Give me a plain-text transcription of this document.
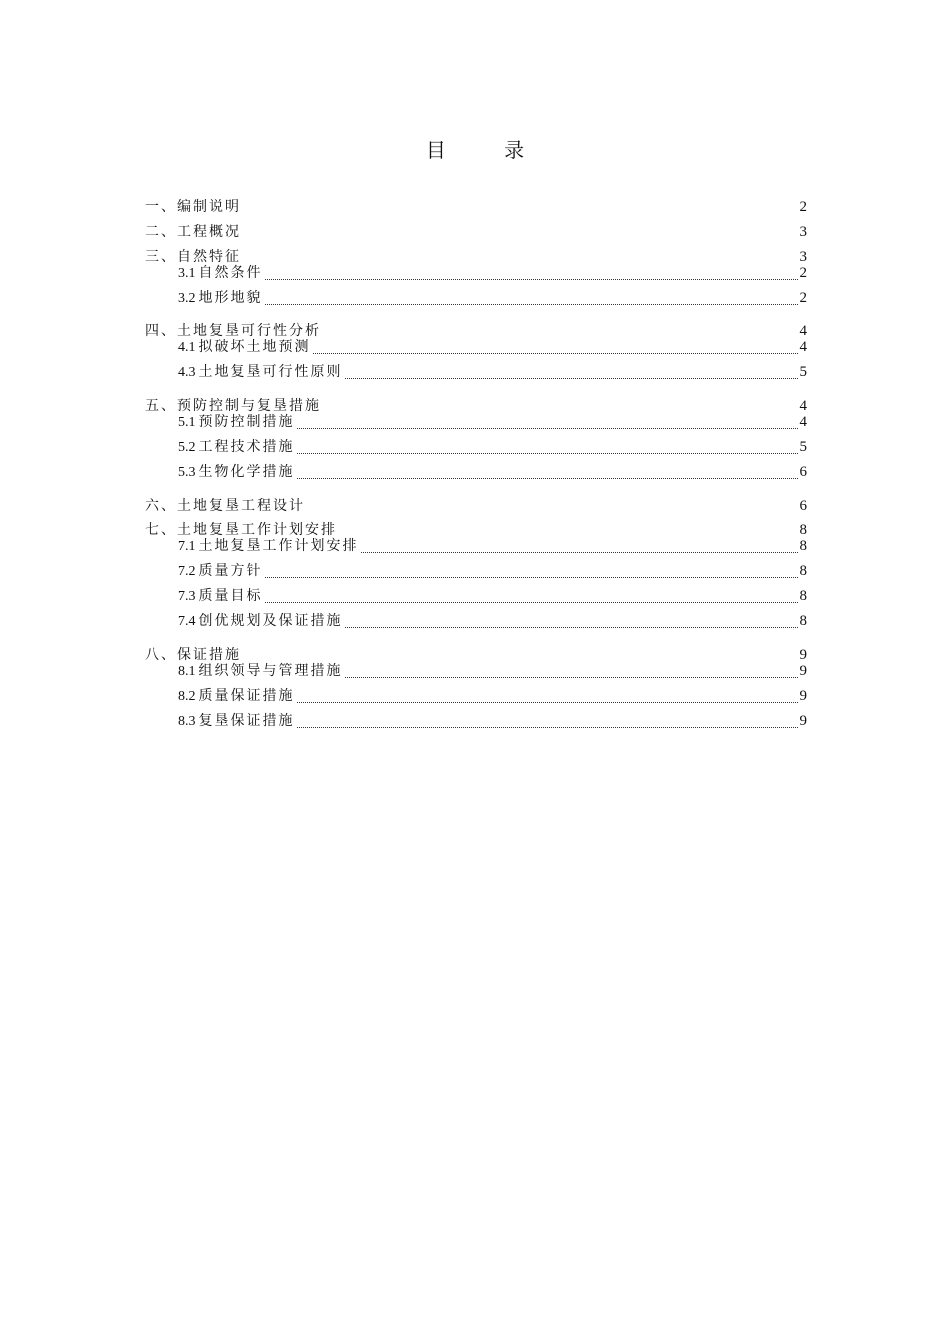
目 录
一、编制说明	2
二、工程概况	3
三、自然特征	3
3.1 自然条件	2
3.2 地形地貌	2
四、土地复垦可行性分析	4
4.1 拟破坏土地预测	4
4.3 土地复垦可行性原则	5
五、预防控制与复垦措施	4
5.1 预防控制措施	4
5.2 工程技术措施	5
5.3 生物化学措施	6
六、土地复垦工程设计	6
七、土地复垦工作计划安排	8
7.1 土地复垦工作计划安排	8
7.2 质量方针	8
7.3 质量目标	8
7.4 创优规划及保证措施	8
八、保证措施	9
8.1 组织领导与管理措施	9
8.2 质量保证措施	9
8.3 复垦保证措施	9
